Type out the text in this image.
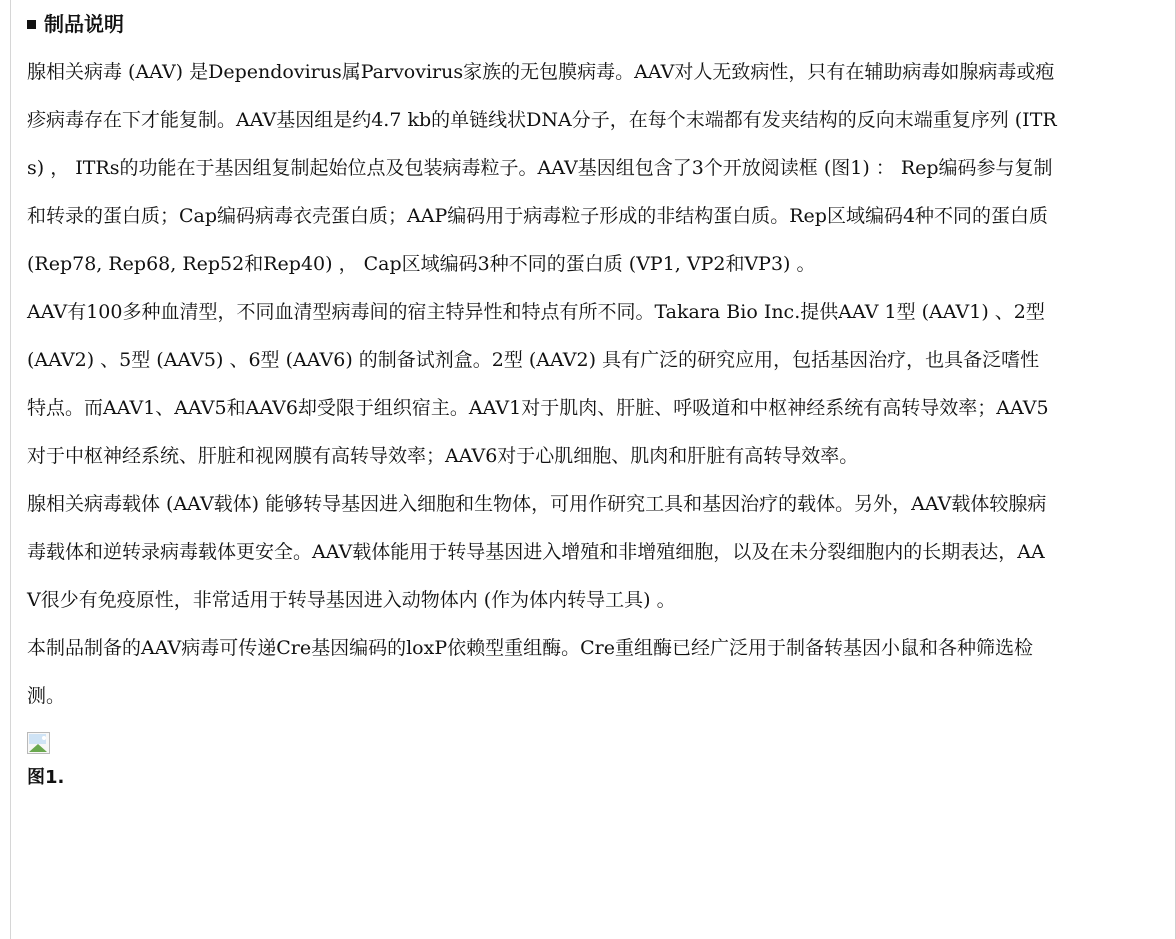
制品说明

腺相关病毒 (AAV) 是Dependovirus属Parvovirus家族的无包膜病毒。AAV对人无致病性，只有在辅助病毒如腺病毒或疱疹病毒存在下才能复制。AAV基因组是约4.7 kb的单链线状DNA分子，在每个末端都有发夹结构的反向末端重复序列 (ITRs) ， ITRs的功能在于基因组复制起始位点及包装病毒粒子。AAV基因组包含了3个开放阅读框 (图1) ： Rep编码参与复制和转录的蛋白质；Cap编码病毒衣壳蛋白质；AAP编码用于病毒粒子形成的非结构蛋白质。Rep区域编码4种不同的蛋白质 (Rep78, Rep68, Rep52和Rep40) ， Cap区域编码3种不同的蛋白质 (VP1, VP2和VP3) 。

AAV有100多种血清型，不同血清型病毒间的宿主特异性和特点有所不同。Takara Bio Inc.提供AAV 1型 (AAV1) 、2型 (AAV2) 、5型 (AAV5) 、6型 (AAV6) 的制备试剂盒。2型 (AAV2) 具有广泛的研究应用，包括基因治疗，也具备泛嗜性特点。而AAV1、AAV5和AAV6却受限于组织宿主。AAV1对于肌肉、肝脏、呼吸道和中枢神经系统有高转导效率；AAV5对于中枢神经系统、肝脏和视网膜有高转导效率；AAV6对于心肌细胞、肌肉和肝脏有高转导效率。

腺相关病毒载体 (AAV载体) 能够转导基因进入细胞和生物体，可用作研究工具和基因治疗的载体。另外，AAV载体较腺病毒载体和逆转录病毒载体更安全。AAV载体能用于转导基因进入增殖和非增殖细胞，以及在未分裂细胞内的长期表达，AAV很少有免疫原性，非常适用于转导基因进入动物体内 (作为体内转导工具) 。

本制品制备的AAV病毒可传递Cre基因编码的loxP依赖型重组酶。Cre重组酶已经广泛用于制备转基因小鼠和各种筛选检测。

图1.
